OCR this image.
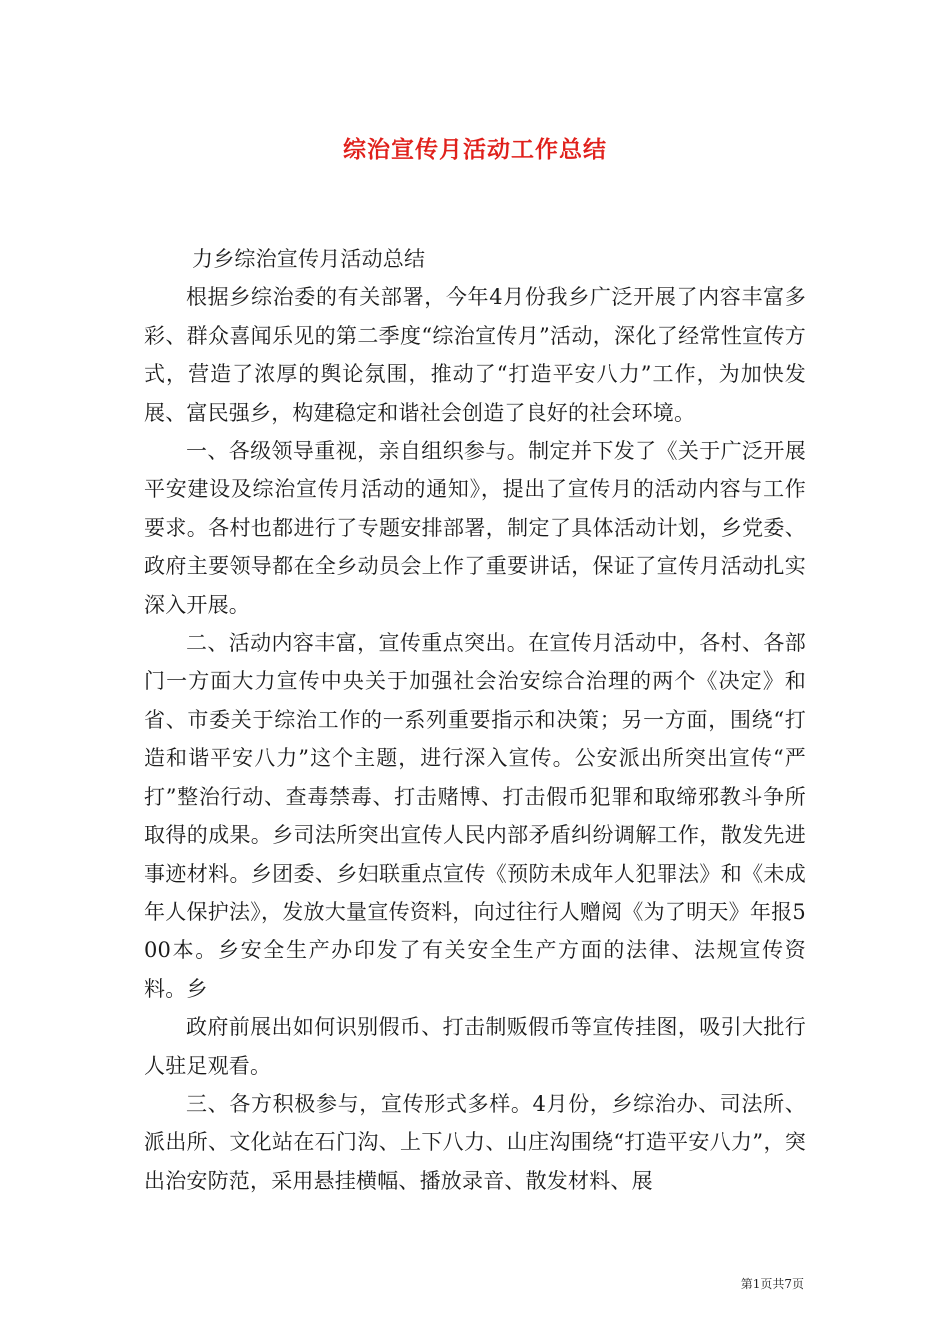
综治宣传月活动工作总结

力乡综治宣传月活动总结

根据乡综治委的有关部署，今年4月份我乡广泛开展了内容丰富多彩、群众喜闻乐见的第二季度“综治宣传月”活动，深化了经常性宣传方式，营造了浓厚的舆论氛围，推动了“打造平安八力”工作，为加快发展、富民强乡，构建稳定和谐社会创造了良好的社会环境。

一、各级领导重视，亲自组织参与。制定并下发了《关于广泛开展平安建设及综治宣传月活动的通知》，提出了宣传月的活动内容与工作要求。各村也都进行了专题安排部署，制定了具体活动计划，乡党委、政府主要领导都在全乡动员会上作了重要讲话，保证了宣传月活动扎实深入开展。

二、活动内容丰富，宣传重点突出。在宣传月活动中，各村、各部门一方面大力宣传中央关于加强社会治安综合治理的两个《决定》和省、市委关于综治工作的一系列重要指示和决策；另一方面，围绕“打造和谐平安八力”这个主题，进行深入宣传。公安派出所突出宣传“严打”整治行动、查毒禁毒、打击赌博、打击假币犯罪和取缔邪教斗争所取得的成果。乡司法所突出宣传人民内部矛盾纠纷调解工作，散发先进事迹材料。乡团委、乡妇联重点宣传《预防未成年人犯罪法》和《未成年人保护法》，发放大量宣传资料，向过往行人赠阅《为了明天》年报500本。乡安全生产办印发了有关安全生产方面的法律、法规宣传资料。乡

政府前展出如何识别假币、打击制贩假币等宣传挂图，吸引大批行人驻足观看。

三、各方积极参与，宣传形式多样。4月份，乡综治办、司法所、派出所、文化站在石门沟、上下八力、山庄沟围绕“打造平安八力”，突出治安防范，采用悬挂横幅、播放录音、散发材料、展

第1页共7页
